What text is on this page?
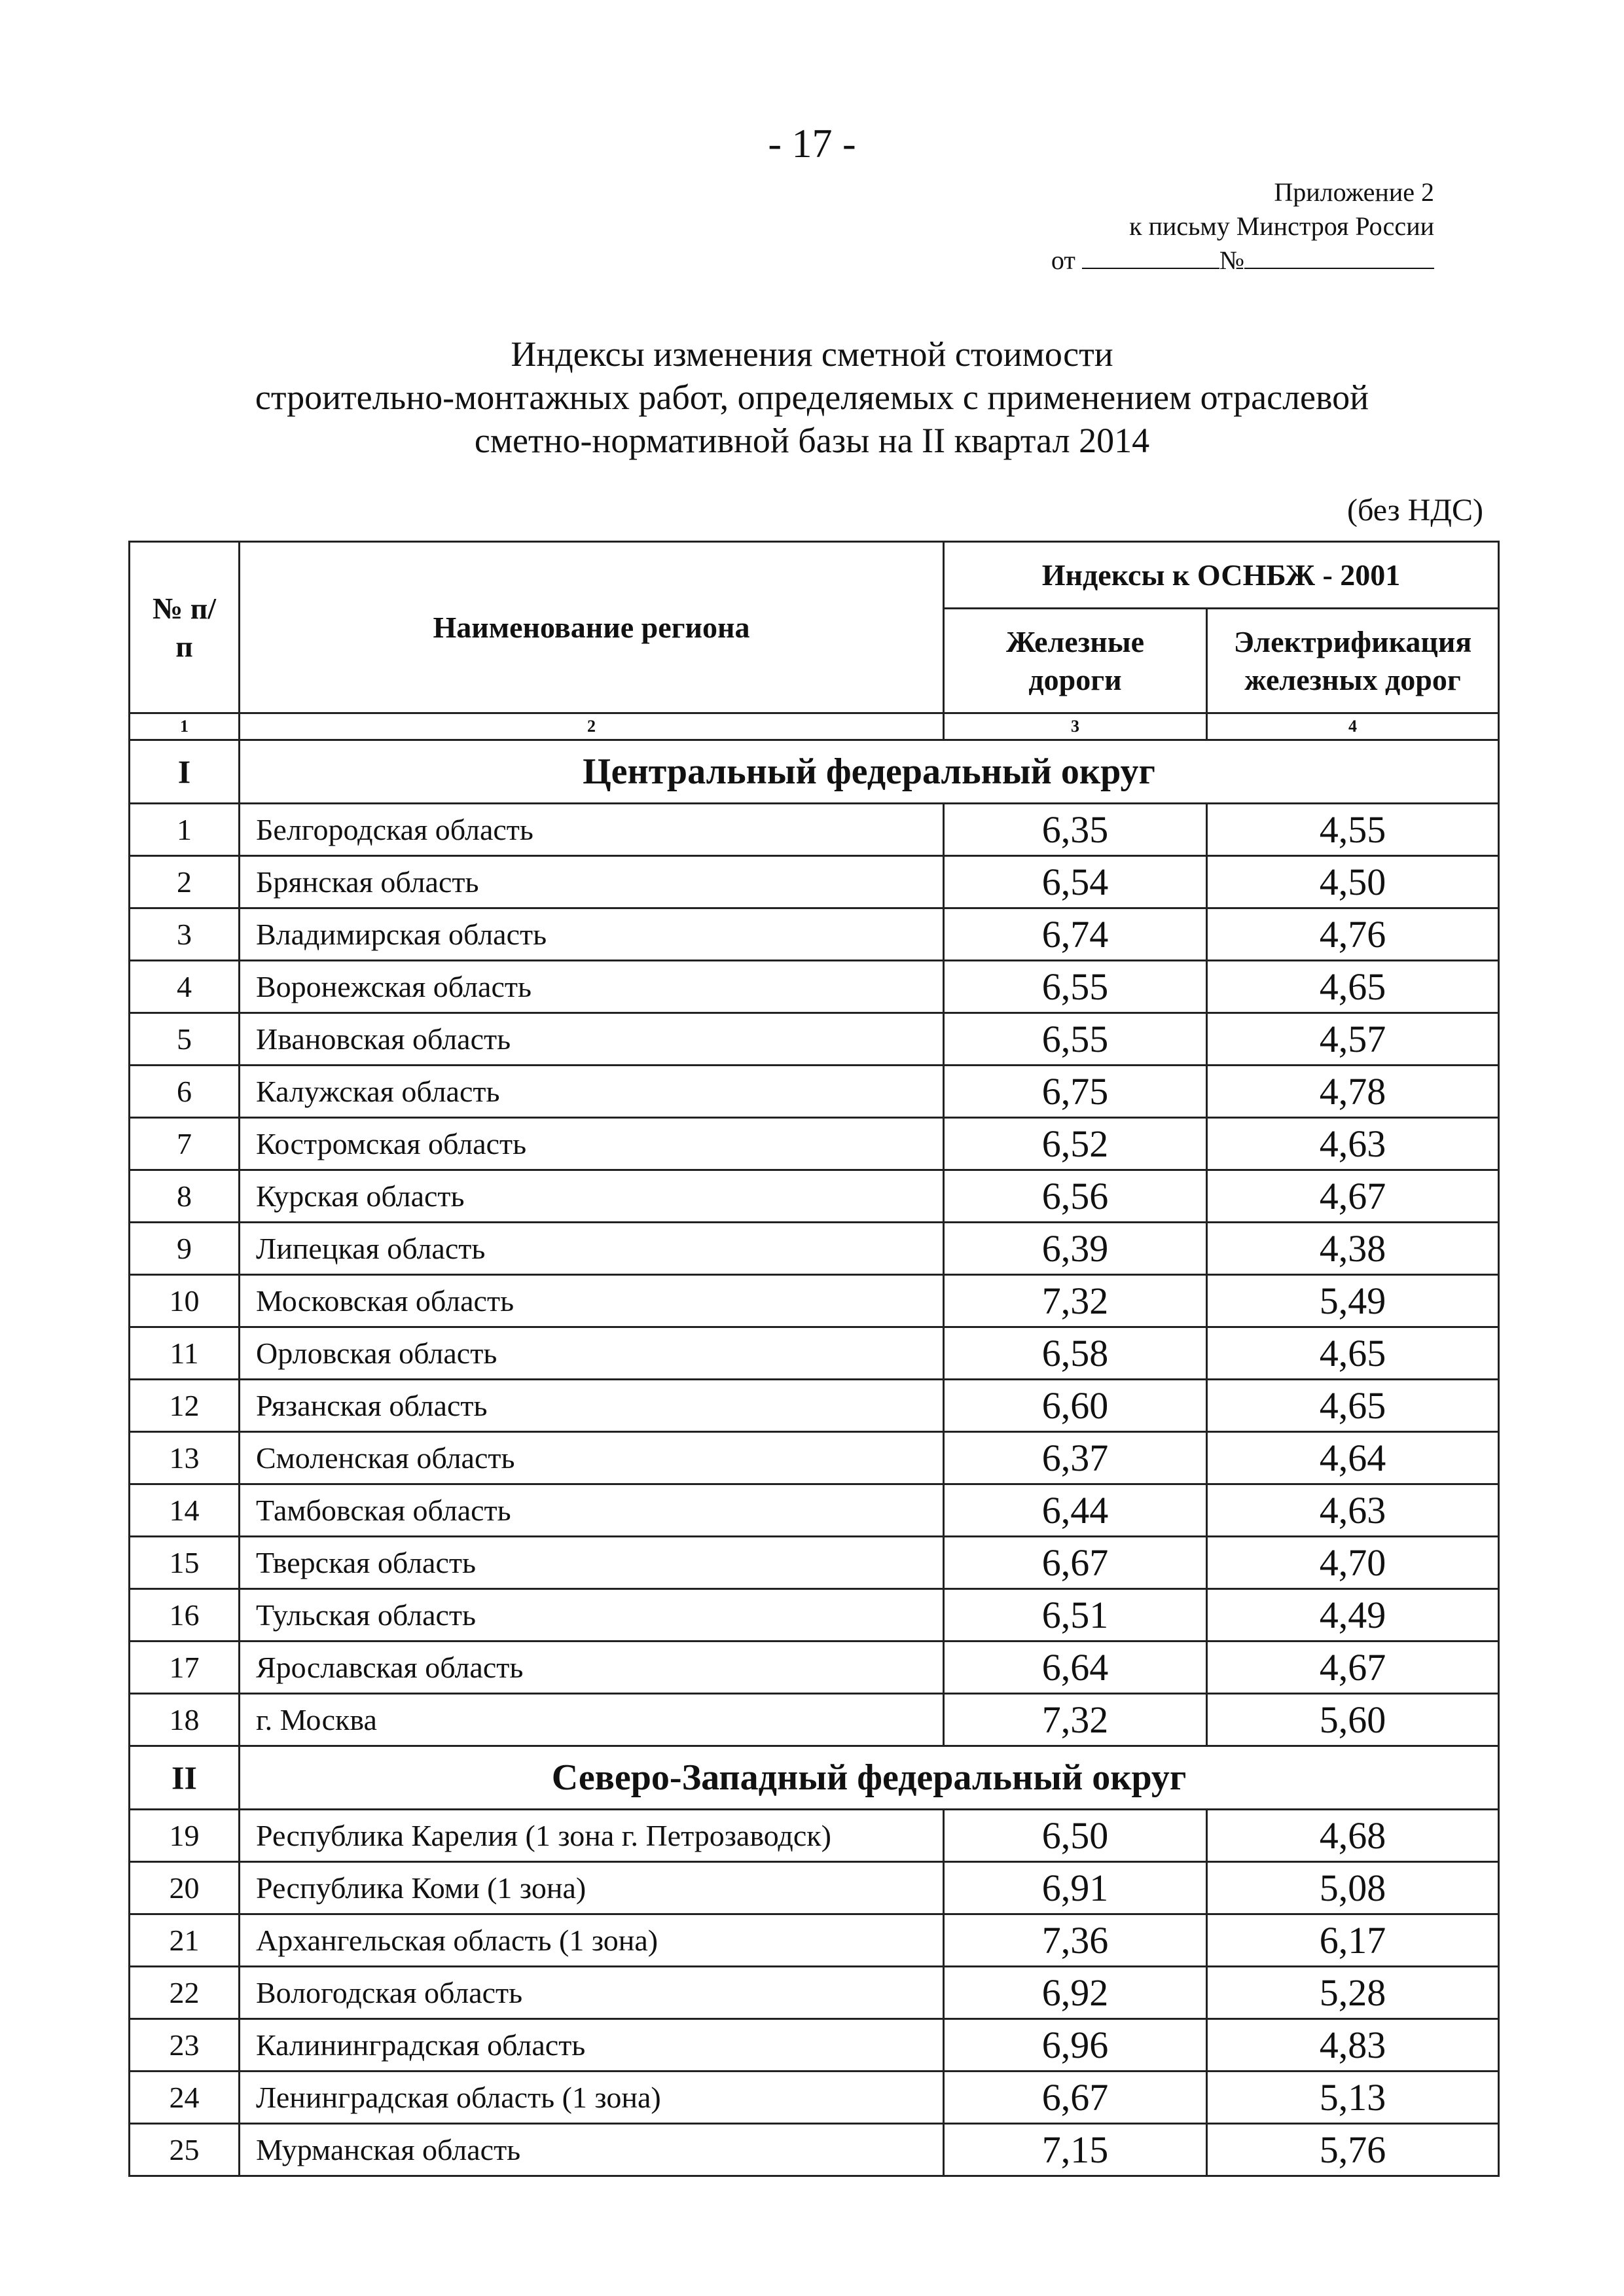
- 17 -
Приложение 2
к письму Минстроя России
от	№
Индексы изменения сметной стоимости
строительно-монтажных работ, определяемых с применением отраслевой
сметно-нормативной базы на II квартал 2014
(без НДС)
№ п/п	Наименование региона	Индексы к ОСНБЖ - 2001	
		Железные дороги	Электрификация железных дорог
1	2	3	4
I	Центральный федеральный округ		
1	Белгородская область	6,35	4,55
2	Брянская область	6,54	4,50
3	Владимирская область	6,74	4,76
4	Воронежская область	6,55	4,65
5	Ивановская область	6,55	4,57
6	Калужская область	6,75	4,78
7	Костромская область	6,52	4,63
8	Курская область	6,56	4,67
9	Липецкая область	6,39	4,38
10	Московская область	7,32	5,49
11	Орловская область	6,58	4,65
12	Рязанская область	6,60	4,65
13	Смоленская область	6,37	4,64
14	Тамбовская область	6,44	4,63
15	Тверская область	6,67	4,70
16	Тульская область	6,51	4,49
17	Ярославская область	6,64	4,67
18	г. Москва	7,32	5,60
II	Северо-Западный федеральный округ		
19	Республика Карелия (1 зона г. Петрозаводск)	6,50	4,68
20	Республика Коми (1 зона)	6,91	5,08
21	Архангельская область (1 зона)	7,36	6,17
22	Вологодская область	6,92	5,28
23	Калининградская область	6,96	4,83
24	Ленинградская область (1 зона)	6,67	5,13
25	Мурманская область	7,15	5,76
